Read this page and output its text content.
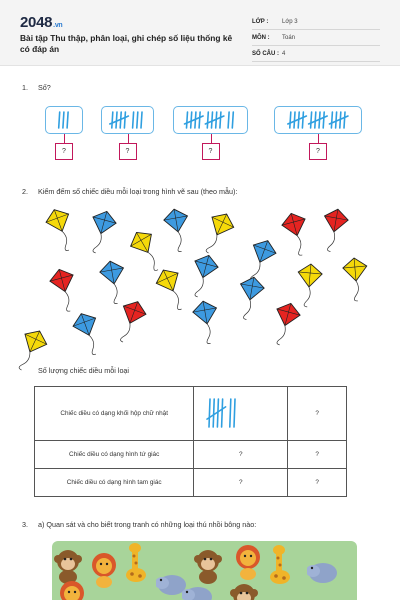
2048.vn
Bài tập Thu thập, phân loại, ghi chép số liệu thống kê có đáp án
LỚP :	Lớp 3
MÔN :	Toán
SỐ CÂU : 4
1. Số?
?	?	?	?
2. Kiểm đếm số chiếc diều mỗi loại trong hình vẽ sau (theo mẫu):
Số lượng chiếc diều mỗi loại
Chiếc diều có dạng khối hộp chữ nhật		?
Chiếc diều có dạng hình tứ giác	?	?
Chiếc diều có dạng hình tam giác	?	?
3. a) Quan sát và cho biết trong tranh có những loại thú nhồi bông nào:
